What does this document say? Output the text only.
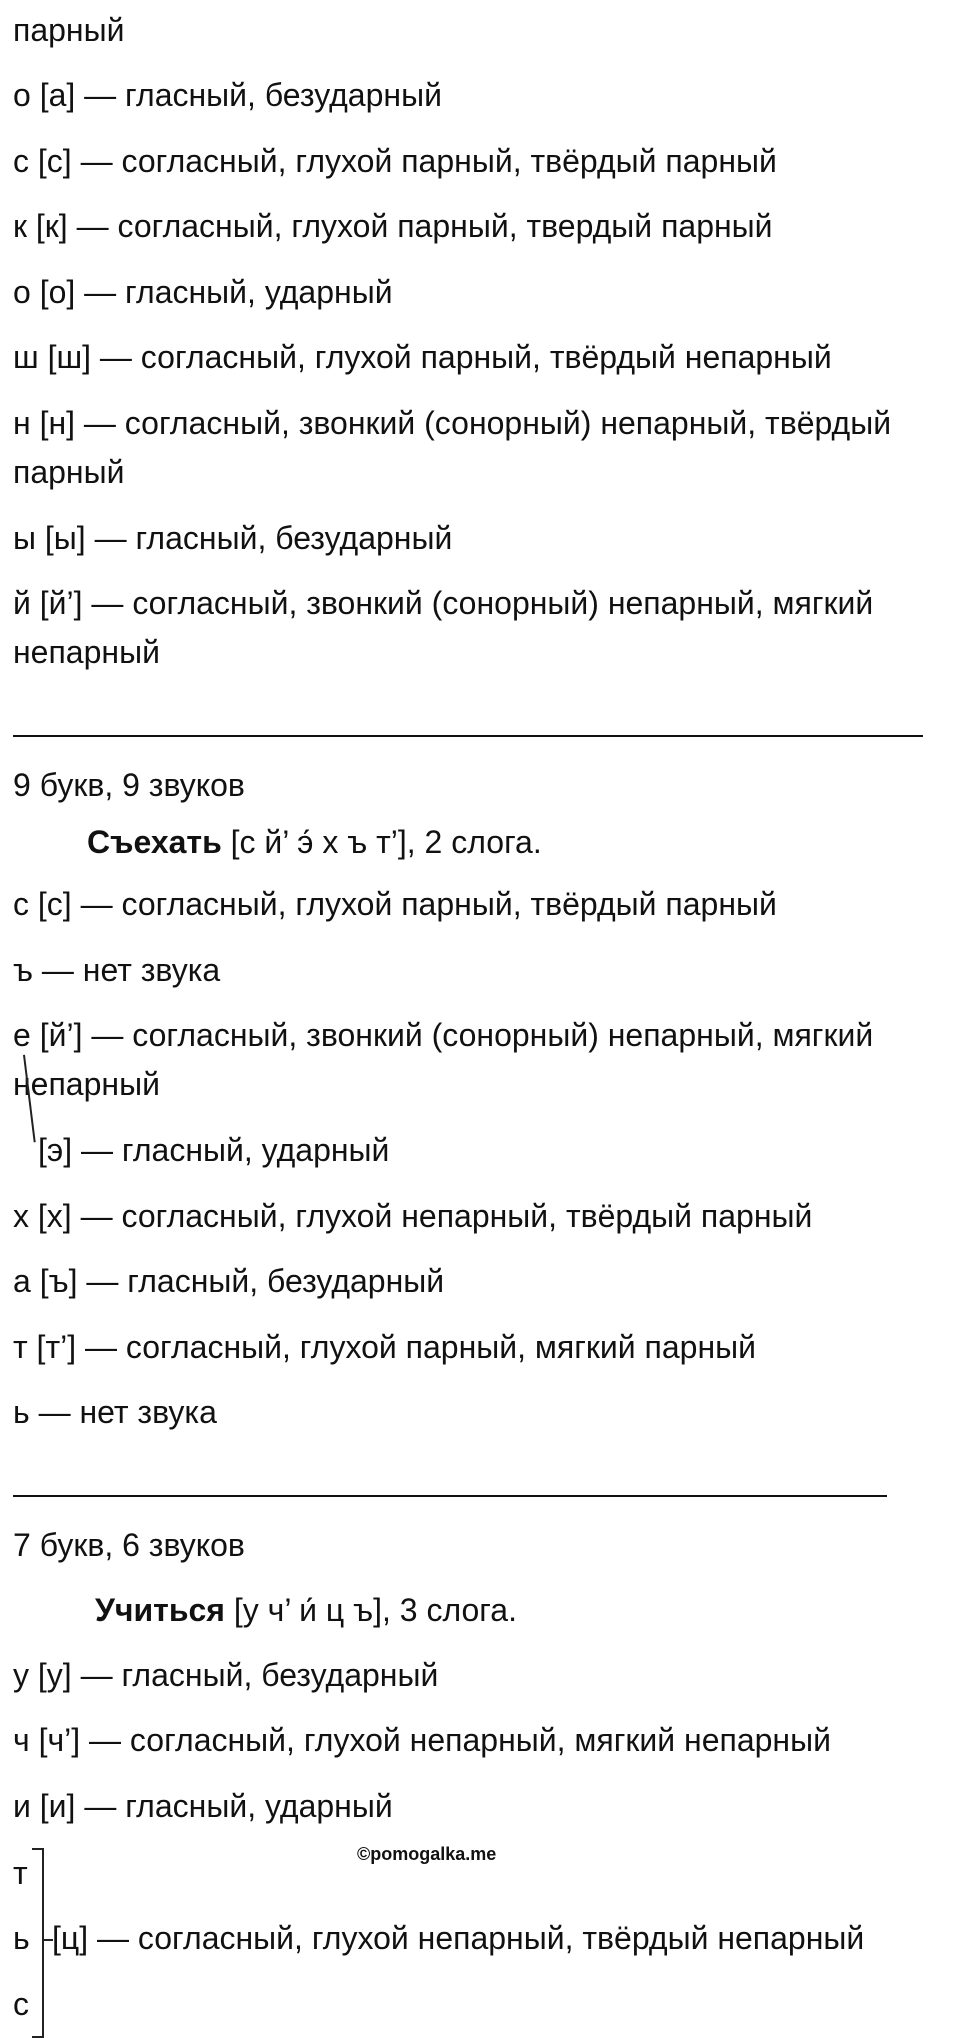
парный
о [а] — гласный, безударный
с [с] — согласный, глухой парный, твёрдый парный
к [к] — согласный, глухой парный, твердый парный
о [о] — гласный, ударный
ш [ш] — согласный, глухой парный, твёрдый непарный
н [н] — согласный, звонкий (сонорный) непарный, твёрдый
парный
ы [ы] — гласный, безударный
й [й’] — согласный, звонкий (сонорный) непарный, мягкий
непарный
9 букв, 9 звуков
Съехать [с й’ э́ х ъ т’], 2 слога.
с [с] — согласный, глухой парный, твёрдый парный
ъ — нет звука
е [й’] — согласный, звонкий (сонорный) непарный, мягкий
непарный
[э] — гласный, ударный
х [х] — согласный, глухой непарный, твёрдый парный
а [ъ] — гласный, безударный
т [т’] — согласный, глухой парный, мягкий парный
ь — нет звука
7 букв, 6 звуков
Учиться [у ч’ и́ ц ъ], 3 слога.
у [у] — гласный, безударный
ч [ч’] — согласный, глухой непарный, мягкий непарный
и [и] — гласный, ударный
©pomogalka.me
т
ь
с
[ц] — согласный, глухой непарный, твёрдый непарный
